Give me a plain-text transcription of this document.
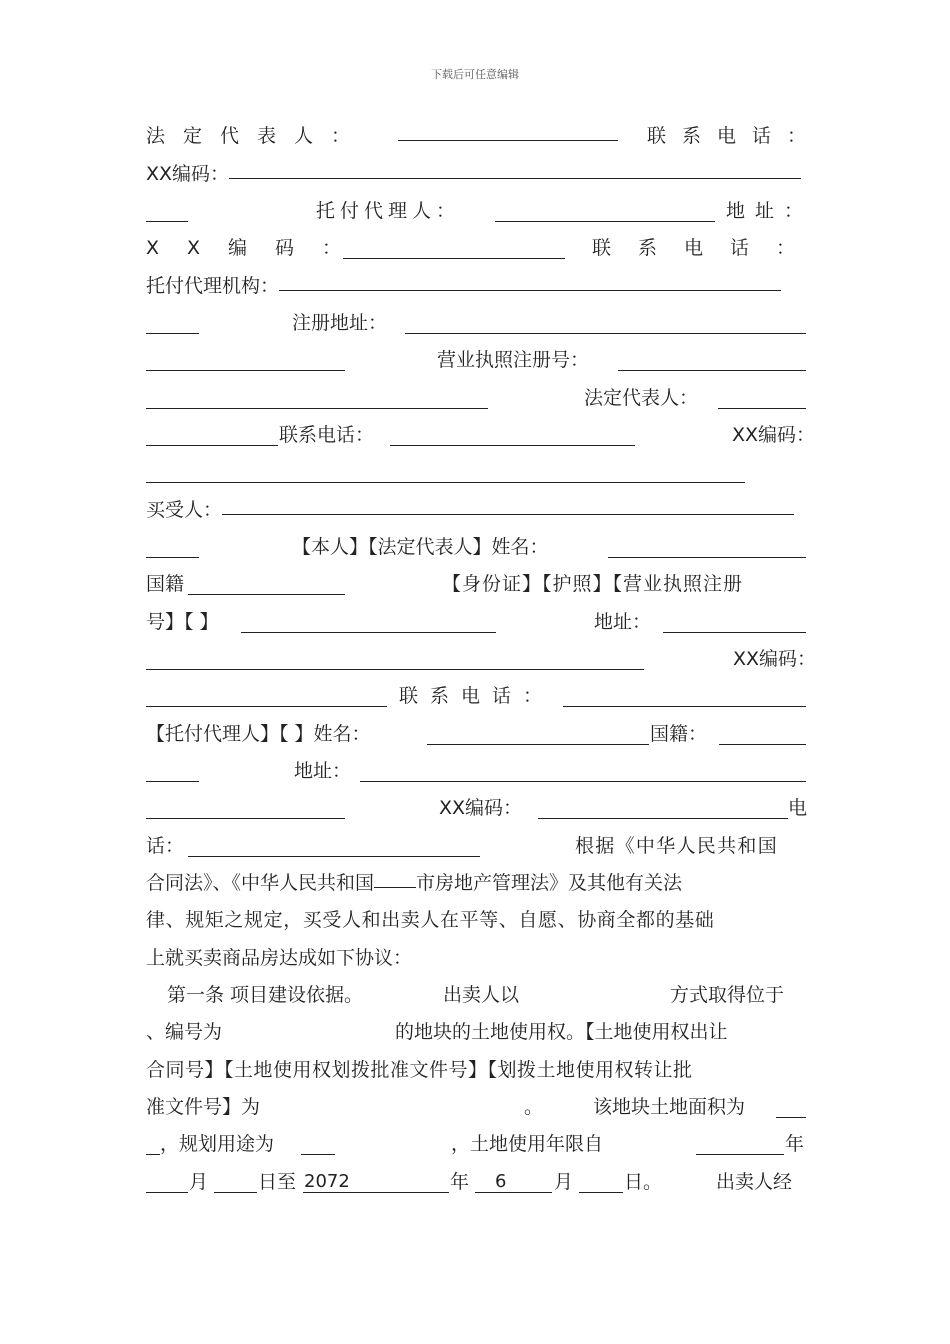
下载后可任意编辑
法定代表人：	联系电话：
XX编码：
托付代理人：	地址：
XX编码：	联系电话：
托付代理机构：
注册地址：
营业执照注册号：
法定代表人：
联系电话：	XX编码：
买受人：
【本人】【法定代表人】姓名：
国籍	【身份证】【护照】【营业执照注册
号】【 】	地址：
XX编码：
联系电话：
【托付代理人】【 】姓名：	国籍：
地址：
XX编码：	电
话：	根据《中华人民共和国
合同法》、《中华人民共和国 市房地产管理法》及其他有关法
律、规矩之规定，买受人和出卖人在平等、自愿、协商全都的基础
上就买卖商品房达成如下协议：
第一条 项目建设依据。	出卖人以	方式取得位于
、编号为	的地块的土地使用权。【土地使用权出让
合同号】【土地使用权划拨批准文件号】【划拨土地使用权转让批
准文件号】为	。	该地块土地面积为
，规划用途为	，土地使用年限自	年
月	日至 2072	年 6	月	日。	出卖人经
